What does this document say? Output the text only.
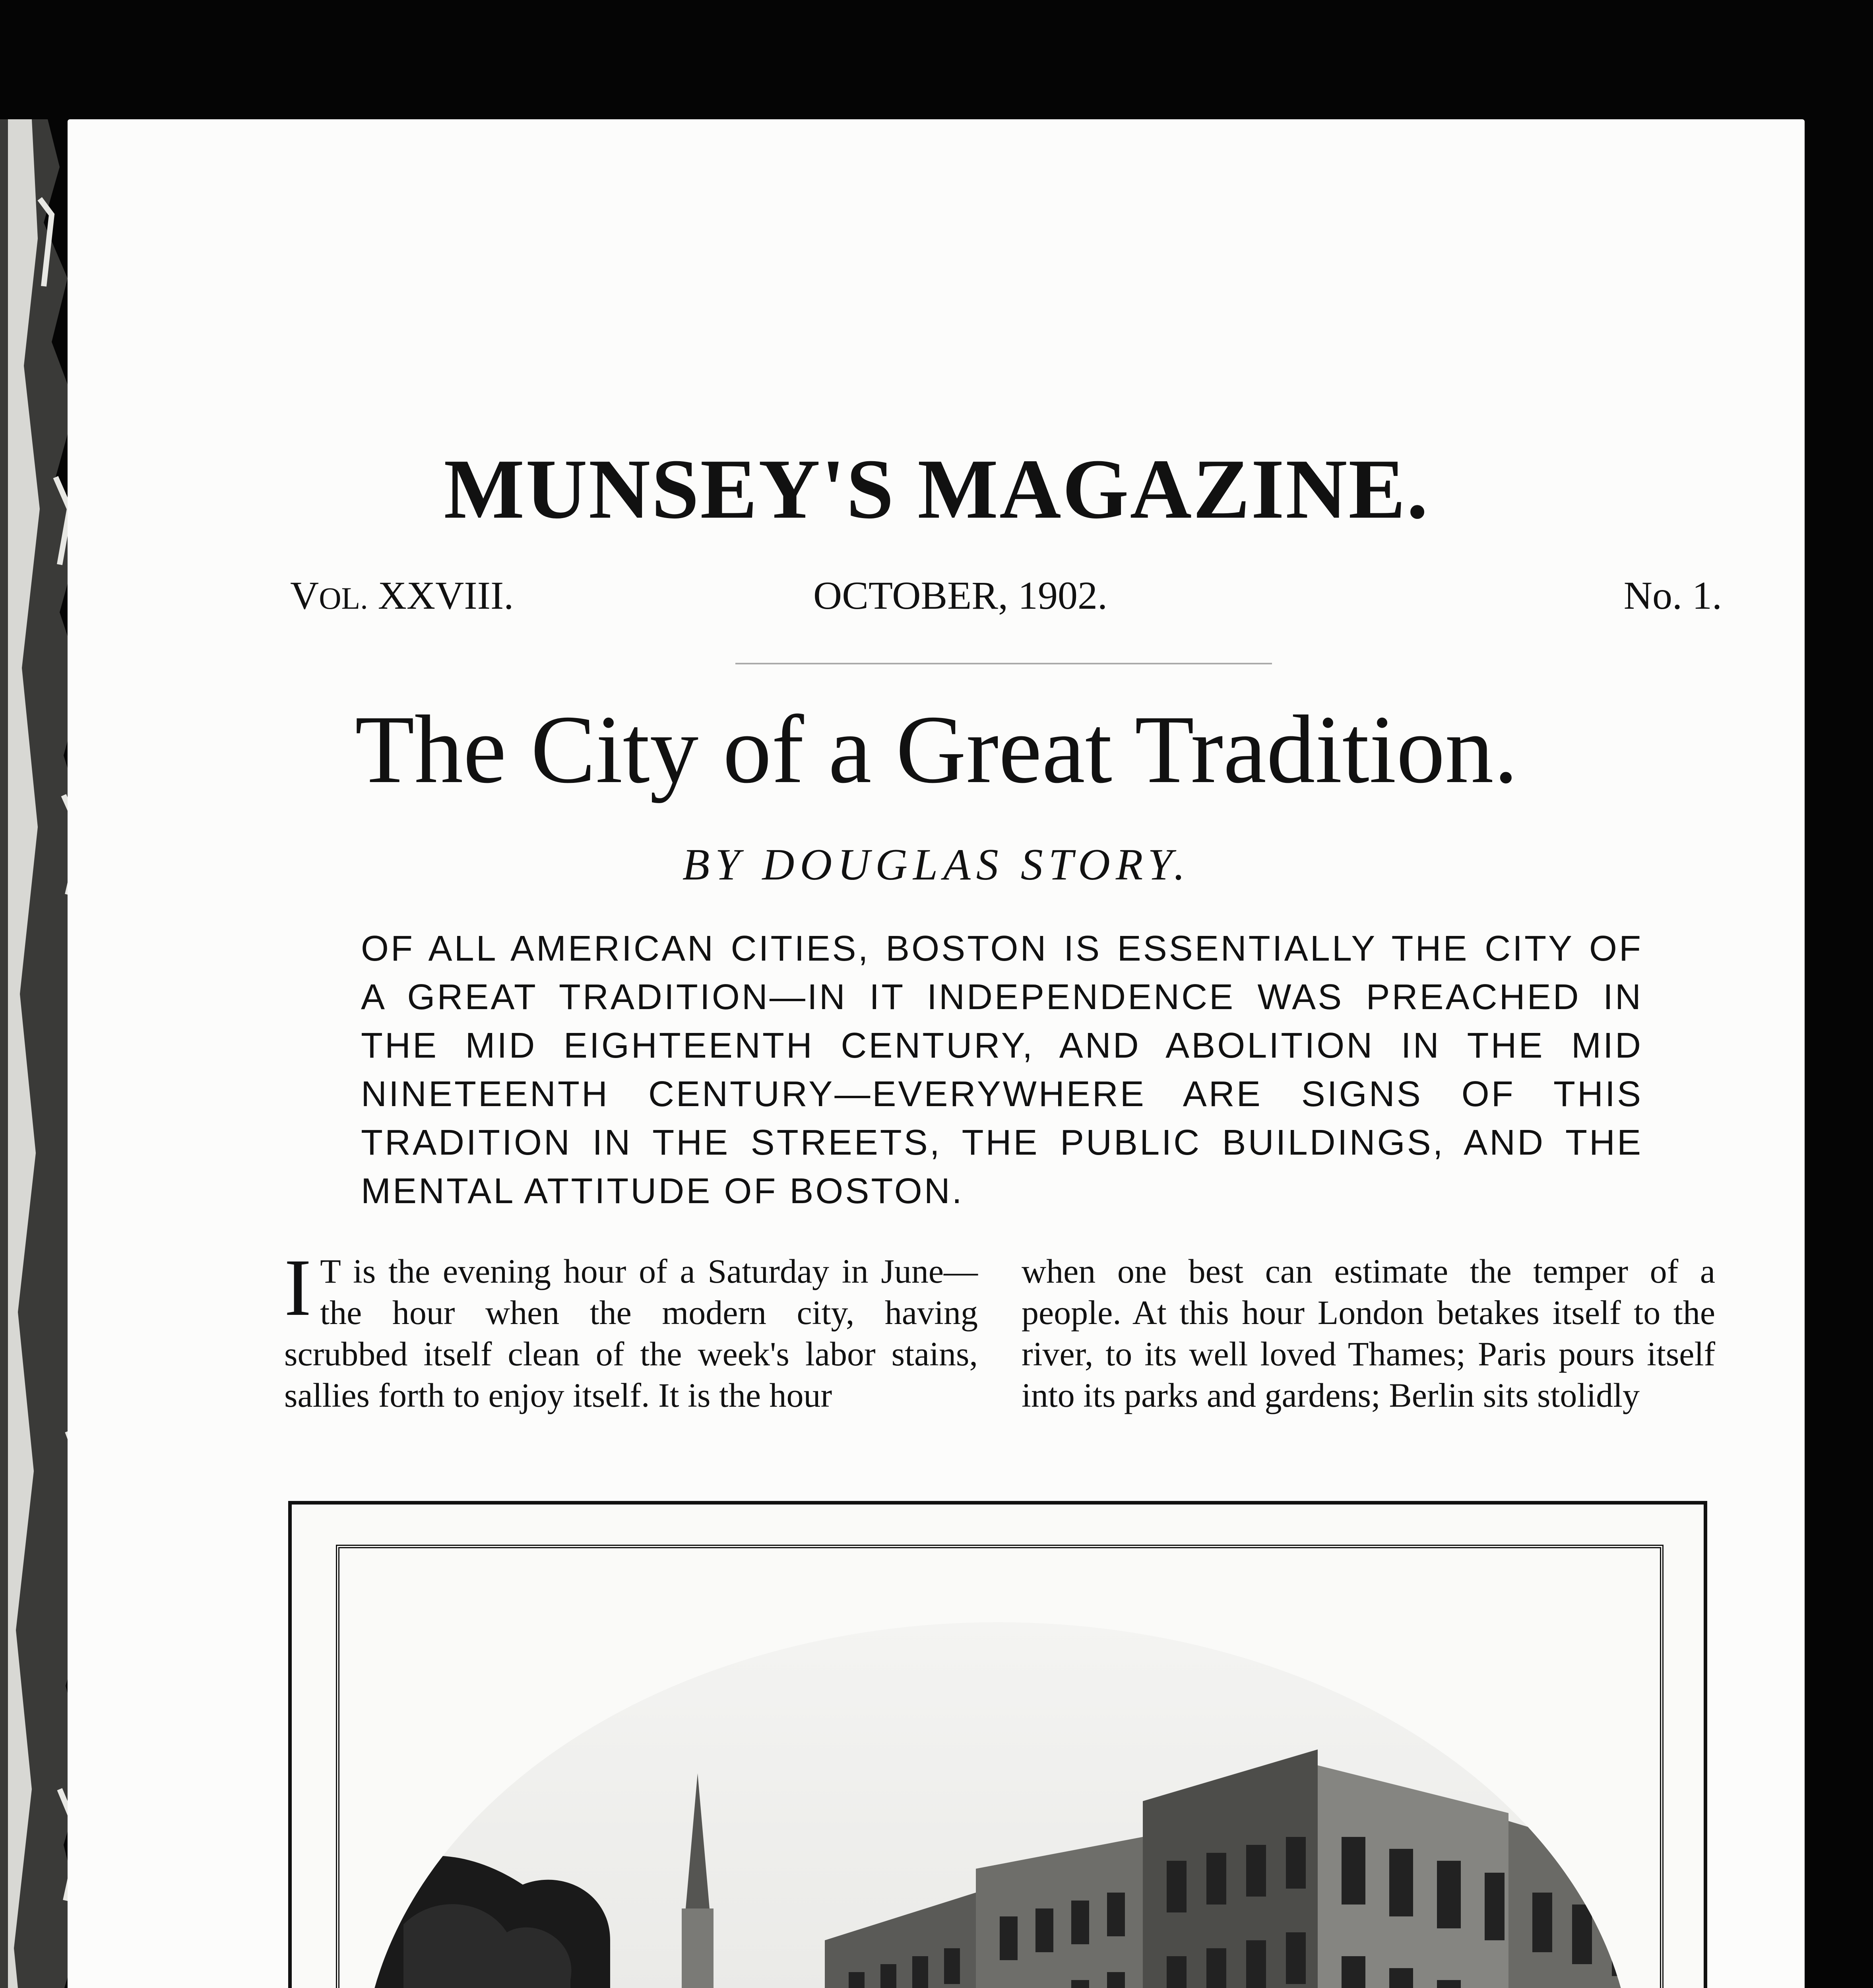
MUNSEY'S MAGAZINE.
VOL. XXVIII.	OCTOBER, 1902.	No. 1.
The City of a Great Tradition.
BY DOUGLAS STORY.
OF ALL AMERICAN CITIES, BOSTON IS ESSENTIALLY THE CITY OF A GREAT TRADITION—IN IT INDEPENDENCE WAS PREACHED IN THE MID EIGHTEENTH CENTURY, AND ABOLITION IN THE MID NINETEENTH CENTURY—EVERYWHERE ARE SIGNS OF THIS TRADITION IN THE STREETS, THE PUBLIC BUILDINGS, AND THE MENTAL ATTITUDE OF BOSTON.
I T is the evening hour of a Saturday in June—the hour when the modern city, having scrubbed itself clean of the week's labor stains, sallies forth to enjoy itself. It is the hour
when one best can estimate the temper of a people. At this hour London betakes itself to the river, to its well loved Thames; Paris pours itself into its parks and gardens; Berlin sits stolidly
